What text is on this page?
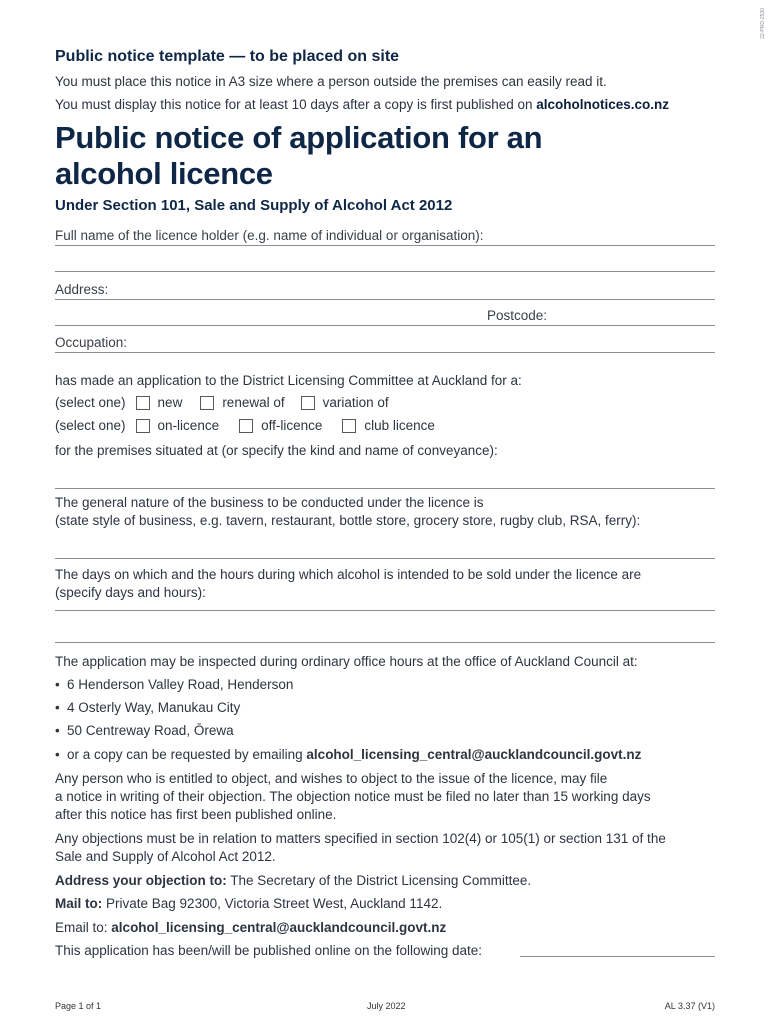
22-PRO-2530
Public notice template — to be placed on site
You must place this notice in A3 size where a person outside the premises can easily read it.
You must display this notice for at least 10 days after a copy is first published on alcoholnotices.co.nz
Public notice of application for an
alcohol licence
Under Section 101, Sale and Supply of Alcohol Act 2012
Full name of the licence holder (e.g. name of individual or organisation):
Address:
Postcode:
Occupation:
has made an application to the District Licensing Committee at Auckland for a:
(select one) new	renewal of	variation of
(select one) on-licence	off-licence	club licence
for the premises situated at (or specify the kind and name of conveyance):
The general nature of the business to be conducted under the licence is
(state style of business, e.g. tavern, restaurant, bottle store, grocery store, rugby club, RSA, ferry):
The days on which and the hours during which alcohol is intended to be sold under the licence are
(specify days and hours):
The application may be inspected during ordinary office hours at the office of Auckland Council at:
• 6 Henderson Valley Road, Henderson
• 4 Osterly Way, Manukau City
• 50 Centreway Road, Ōrewa
• or a copy can be requested by emailing alcohol_licensing_central@aucklandcouncil.govt.nz
Any person who is entitled to object, and wishes to object to the issue of the licence, may file
a notice in writing of their objection. The objection notice must be filed no later than 15 working days
after this notice has first been published online.
Any objections must be in relation to matters specified in section 102(4) or 105(1) or section 131 of the
Sale and Supply of Alcohol Act 2012.
Address your objection to: The Secretary of the District Licensing Committee.
Mail to: Private Bag 92300, Victoria Street West, Auckland 1142.
Email to: alcohol_licensing_central@aucklandcouncil.govt.nz
This application has been/will be published online on the following date:
Page 1 of 1	July 2022	AL 3.37 (V1)
